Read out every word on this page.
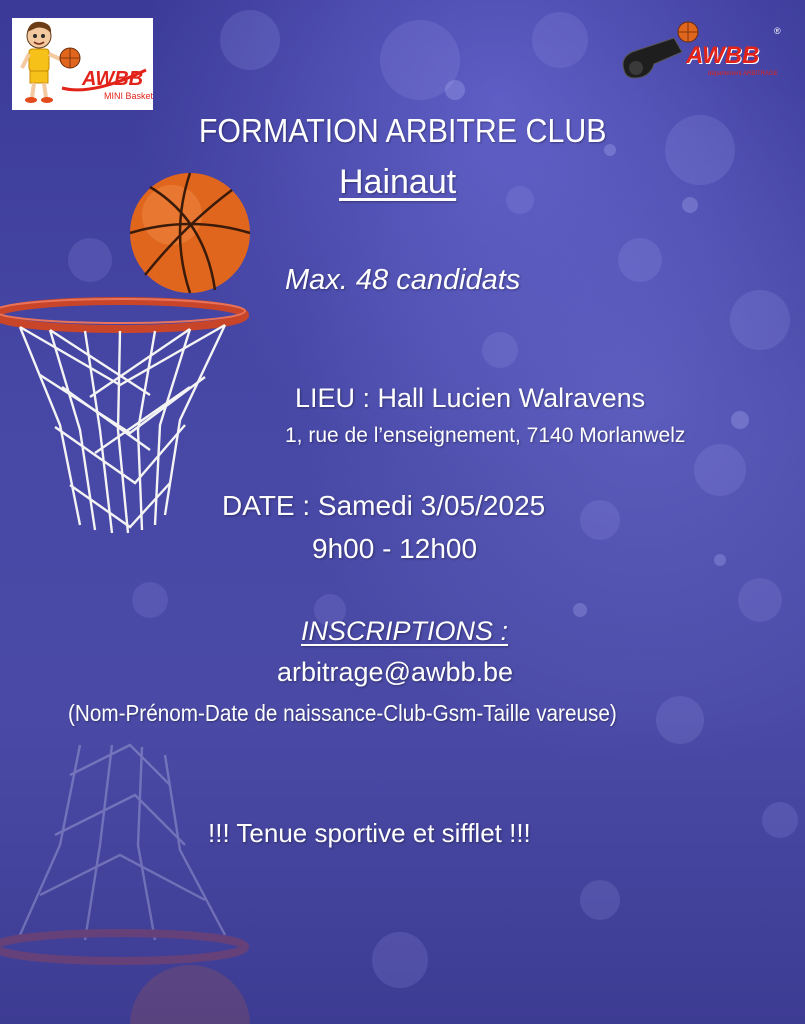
AWBB
MINI Basket
AWBB
département ARBITRAGE
®
FORMATION ARBITRE CLUB
Hainaut
Max. 48 candidats
LIEU : Hall Lucien Walravens
1, rue de l’enseignement, 7140 Morlanwelz
DATE : Samedi 3/05/2025
9h00 - 12h00
INSCRIPTIONS :
arbitrage@awbb.be
(Nom-Prénom-Date de naissance-Club-Gsm-Taille vareuse)
!!! Tenue sportive et sifflet !!!
